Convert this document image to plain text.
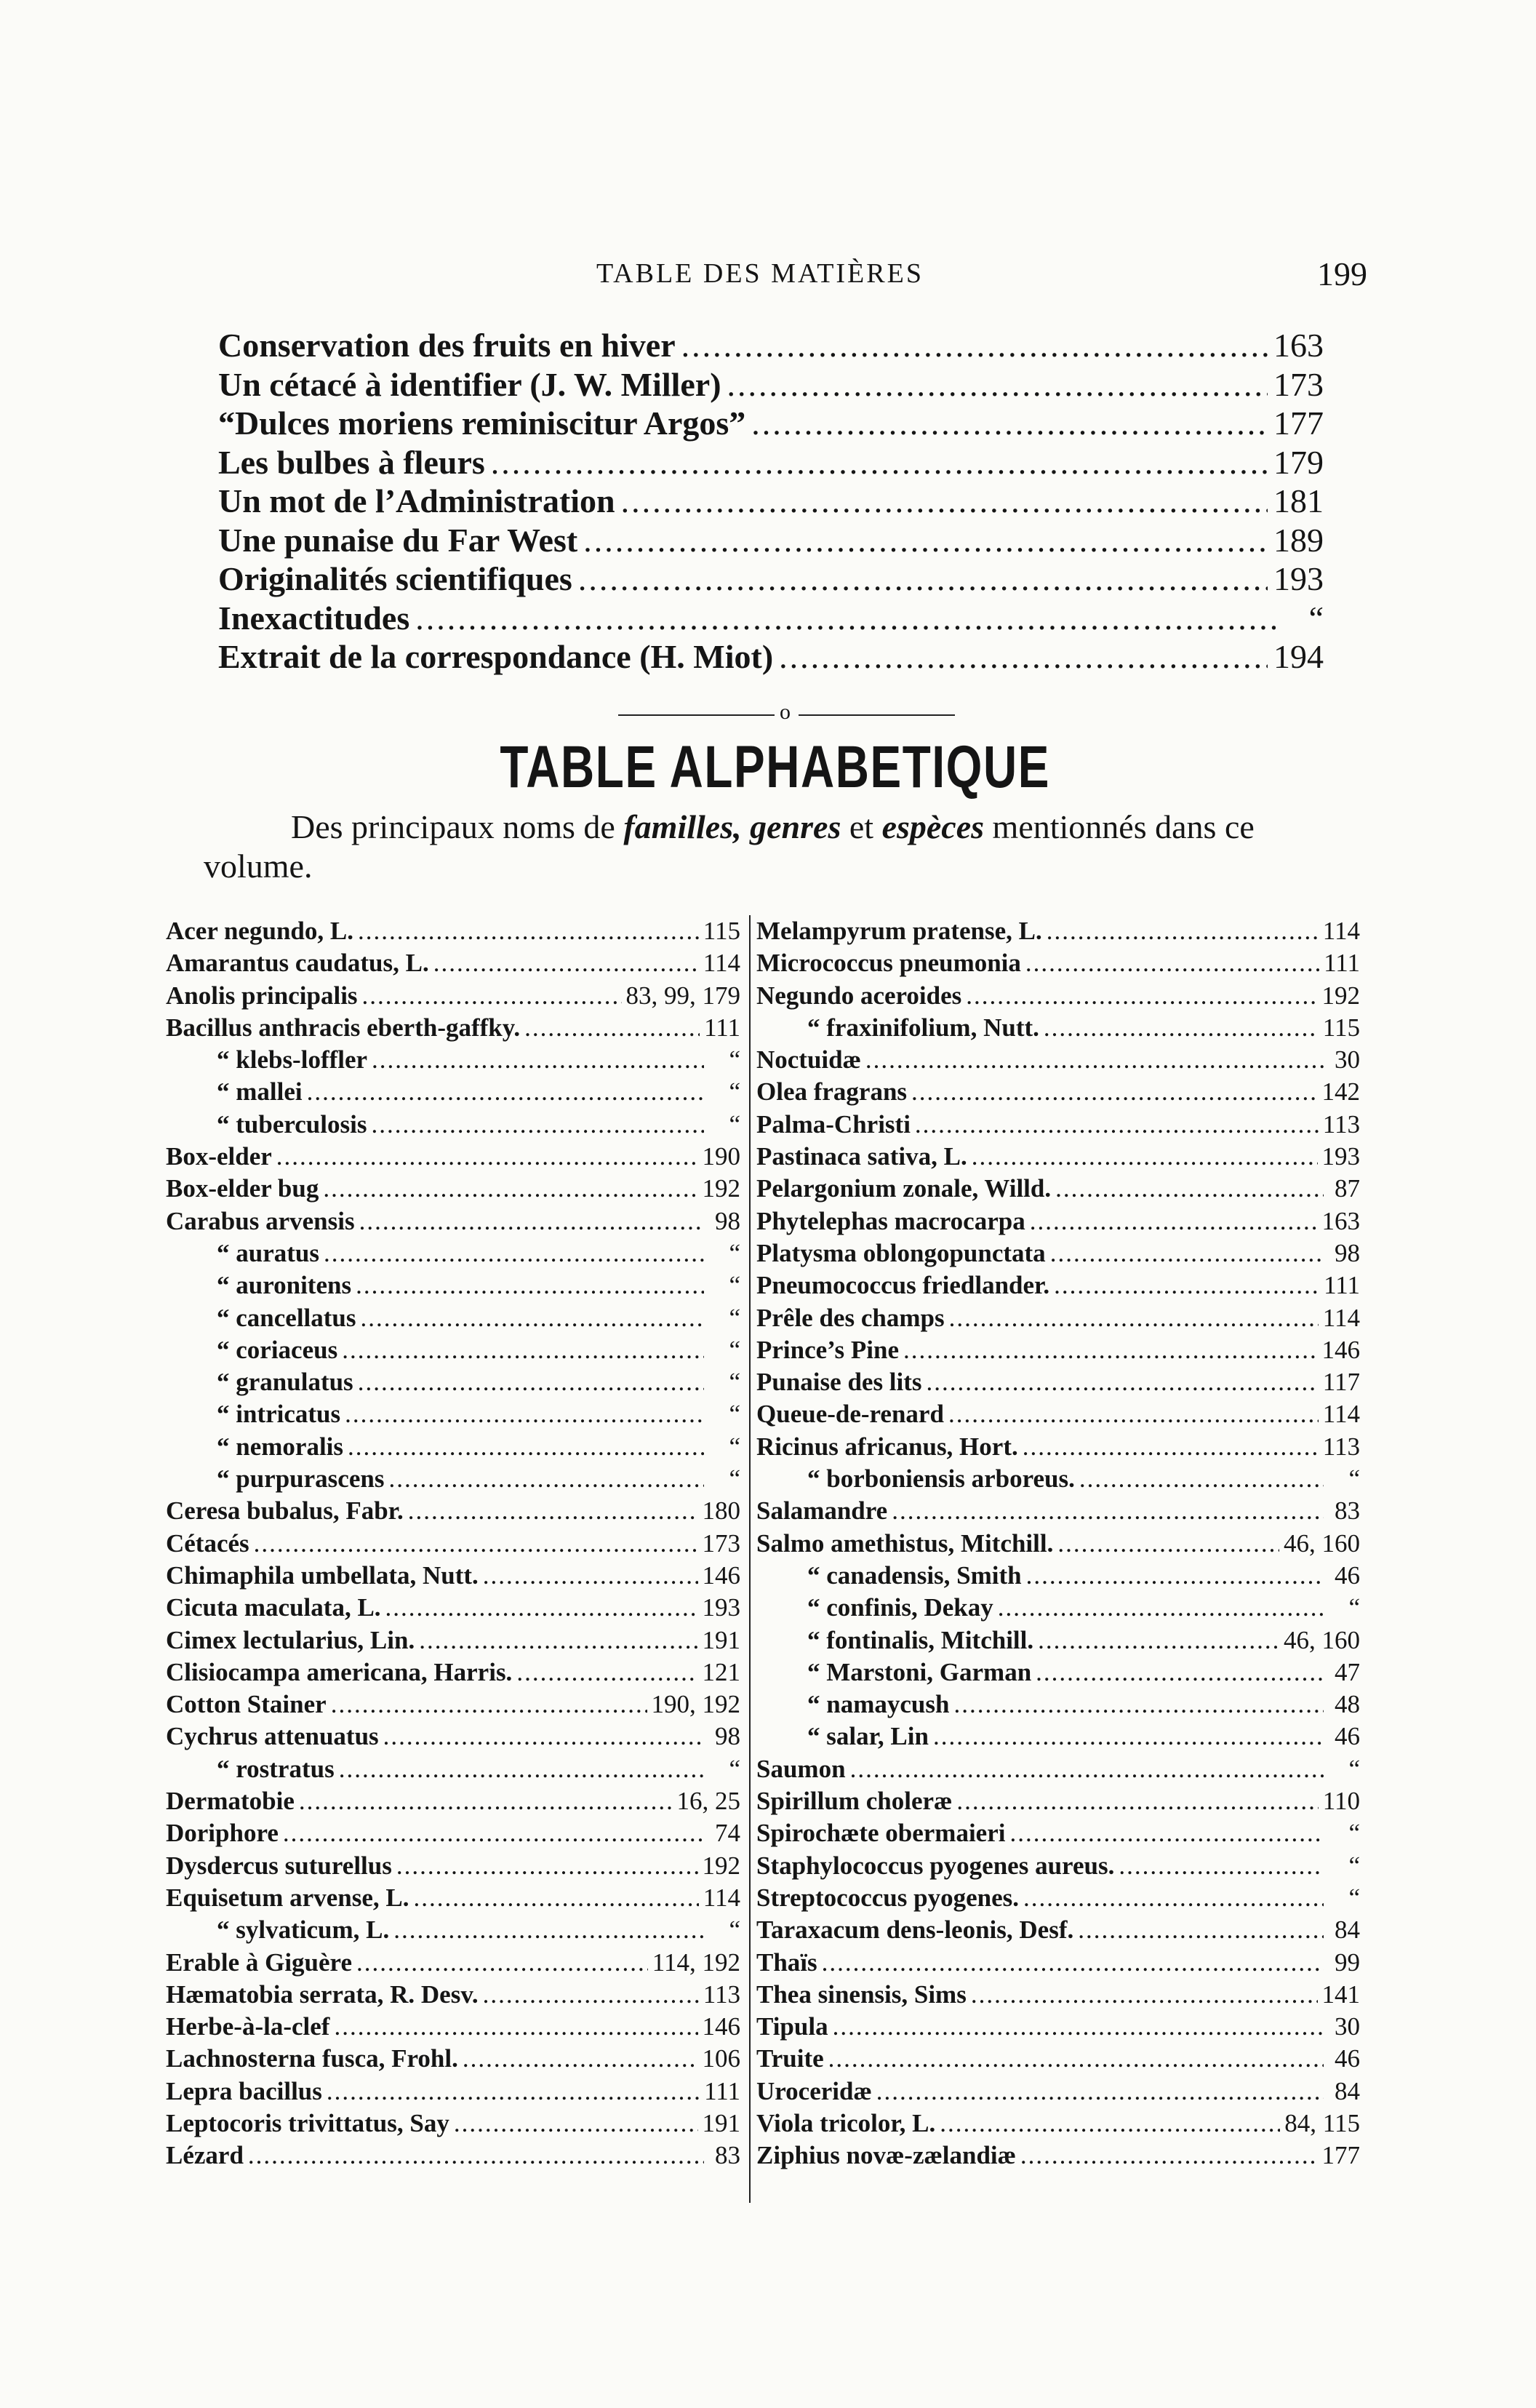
TABLE DES MATIÈRES	199
Conservation des fruits en hiver .....	163
Un cétacé à identifier (J. W. Miller) .....	173
“Dulces moriens reminiscitur Argos” .....	177
Les bulbes à fleurs .....	179
Un mot de l’Administration .....	181
Une punaise du Far West .....	189
Originalités scientifiques .....	193
Inexactitudes .....	“
Extrait de la correspondance (H. Miot) .....	194
o
TABLE ALPHABETIQUE
Des principaux noms de familles, genres et espèces mentionnés dans ce volume.
Acer negundo, L. .....	115
Amarantus caudatus, L. .....	114
Anolis principalis .....	83, 99, 179
Bacillus anthracis eberth-gaffky. .....	111
“ klebs-loffler .....	“
“ mallei .....	“
“ tuberculosis .....	“
Box-elder .....	190
Box-elder bug .....	192
Carabus arvensis .....	98
“ auratus .....	“
“ auronitens .....	“
“ cancellatus .....	“
“ coriaceus .....	“
“ granulatus .....	“
“ intricatus .....	“
“ nemoralis .....	“
“ purpurascens .....	“
Ceresa bubalus, Fabr. .....	180
Cétacés .....	173
Chimaphila umbellata, Nutt. .....	146
Cicuta maculata, L. .....	193
Cimex lectularius, Lin. .....	191
Clisiocampa americana, Harris. .....	121
Cotton Stainer .....	190, 192
Cychrus attenuatus .....	98
“ rostratus .....	“
Dermatobie .....	16, 25
Doriphore .....	74
Dysdercus suturellus .....	192
Equisetum arvense, L. .....	114
“ sylvaticum, L. .....	“
Erable à Giguère .....	114, 192
Hæmatobia serrata, R. Desv. .....	113
Herbe-à-la-clef .....	146
Lachnosterna fusca, Frohl. .....	106
Lepra bacillus .....	111
Leptocoris trivittatus, Say .....	191
Lézard .....	83
Melampyrum pratense, L. .....	114
Micrococcus pneumonia .....	111
Negundo aceroides .....	192
“ fraxinifolium, Nutt. .....	115
Noctuidæ .....	30
Olea fragrans .....	142
Palma-Christi .....	113
Pastinaca sativa, L. .....	193
Pelargonium zonale, Willd. .....	87
Phytelephas macrocarpa .....	163
Platysma oblongopunctata .....	98
Pneumococcus friedlander. .....	111
Prêle des champs .....	114
Prince’s Pine .....	146
Punaise des lits .....	117
Queue-de-renard .....	114
Ricinus africanus, Hort. .....	113
“ borboniensis arboreus. .....	“
Salamandre .....	83
Salmo amethistus, Mitchill. .....	46, 160
“ canadensis, Smith .....	46
“ confinis, Dekay .....	“
“ fontinalis, Mitchill. .....	46, 160
“ Marstoni, Garman .....	47
“ namaycush .....	48
“ salar, Lin .....	46
Saumon .....	“
Spirillum choleræ .....	110
Spirochæte obermaieri .....	“
Staphylococcus pyogenes aureus. .....	“
Streptococcus pyogenes. .....	“
Taraxacum dens-leonis, Desf. .....	84
Thaïs .....	99
Thea sinensis, Sims .....	141
Tipula .....	30
Truite .....	46
Uroceridæ .....	84
Viola tricolor, L. .....	84, 115
Ziphius novæ-zælandiæ .....	177
